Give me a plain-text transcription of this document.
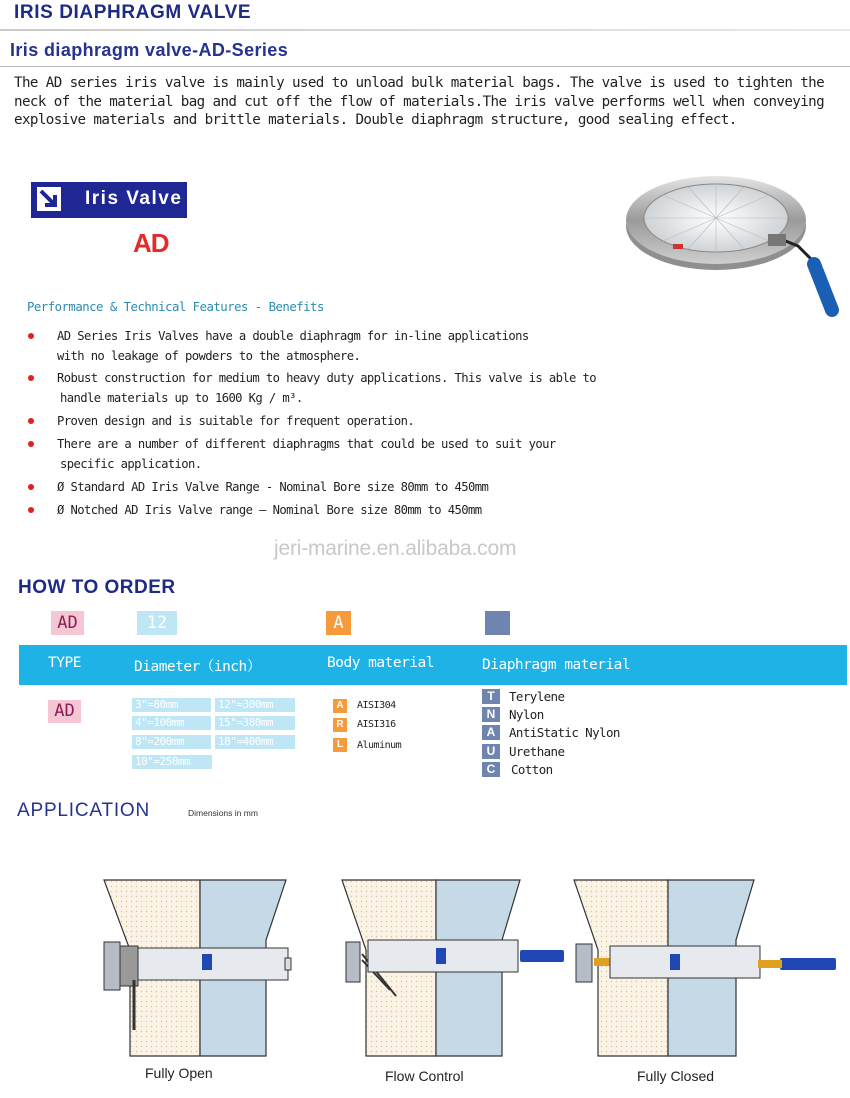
IRIS DIAPHRAGM VALVE
Iris diaphragm valve-AD-Series
The AD series iris valve is mainly used to unload bulk material bags. The valve is used to tighten the neck of the material bag and cut off the flow of materials.The iris valve performs well when conveying explosive materials and brittle materials. Double diaphragm structure, good sealing effect.
Iris Valve
AD
Performance & Technical Features - Benefits
AD Series Iris Valves have a double diaphragm for in-line applications
with no leakage of powders to the atmosphere.
Robust construction for medium to heavy duty applications. This valve is able to
handle materials up to 1600 Kg / m³.
Proven design and is suitable for frequent operation.
There are a number of different diaphragms that could be used to suit your
specific application.
Ø Standard AD Iris Valve Range - Nominal Bore size 80mm to 450mm
Ø Notched AD Iris Valve range — Nominal Bore size 80mm to 450mm
jeri-marine.en.alibaba.com
HOW TO ORDER
AD	12	A
TYPE	Diameter（inch）	Body material	Diaphragm material
AD	3"=80mm	12"=300mm
4"=100mm	15"=380mm
8"=200mm	18"=400mm
10"=250mm
A	AISI304
R	AISI316
L	Aluminum
T	Terylene
N	Nylon
A	AntiStatic Nylon
U	Urethane
C	Cotton
APPLICATION	Dimensions in mm
Fully Open	Flow Control	Fully Closed
